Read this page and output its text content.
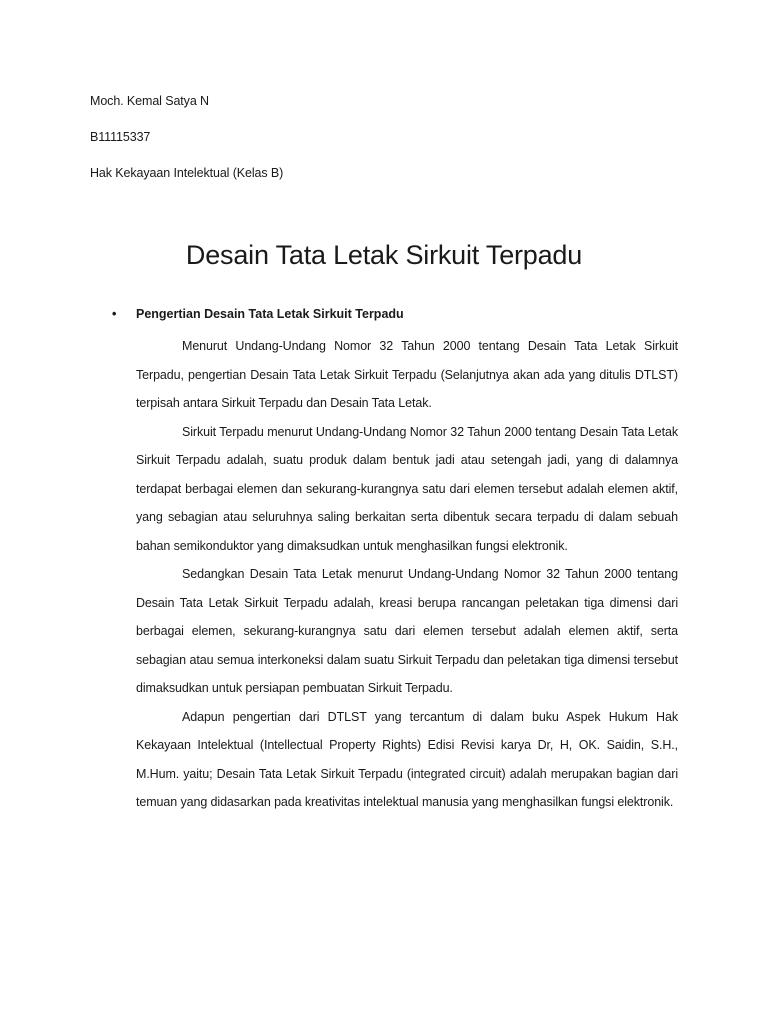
Moch. Kemal Satya N
B11115337
Hak Kekayaan Intelektual (Kelas B)
Desain Tata Letak Sirkuit Terpadu
• Pengertian Desain Tata Letak Sirkuit Terpadu

Menurut Undang-Undang Nomor 32 Tahun 2000 tentang Desain Tata Letak Sirkuit Terpadu, pengertian Desain Tata Letak Sirkuit Terpadu (Selanjutnya akan ada yang ditulis DTLST) terpisah antara Sirkuit Terpadu dan Desain Tata Letak.

Sirkuit Terpadu menurut Undang-Undang Nomor 32 Tahun 2000 tentang Desain Tata Letak Sirkuit Terpadu adalah, suatu produk dalam bentuk jadi atau setengah jadi, yang di dalamnya terdapat berbagai elemen dan sekurang-kurangnya satu dari elemen tersebut adalah elemen aktif, yang sebagian atau seluruhnya saling berkaitan serta dibentuk secara terpadu di dalam sebuah bahan semikonduktor yang dimaksudkan untuk menghasilkan fungsi elektronik.

Sedangkan Desain Tata Letak menurut Undang-Undang Nomor 32 Tahun 2000 tentang Desain Tata Letak Sirkuit Terpadu adalah, kreasi berupa rancangan peletakan tiga dimensi dari berbagai elemen, sekurang-kurangnya satu dari elemen tersebut adalah elemen aktif, serta sebagian atau semua interkoneksi dalam suatu Sirkuit Terpadu dan peletakan tiga dimensi tersebut dimaksudkan untuk persiapan pembuatan Sirkuit Terpadu.

Adapun pengertian dari DTLST yang tercantum di dalam buku Aspek Hukum Hak Kekayaan Intelektual (Intellectual Property Rights) Edisi Revisi karya Dr, H, OK. Saidin, S.H., M.Hum. yaitu; Desain Tata Letak Sirkuit Terpadu (integrated circuit) adalah merupakan bagian dari temuan yang didasarkan pada kreativitas intelektual manusia yang menghasilkan fungsi elektronik.
